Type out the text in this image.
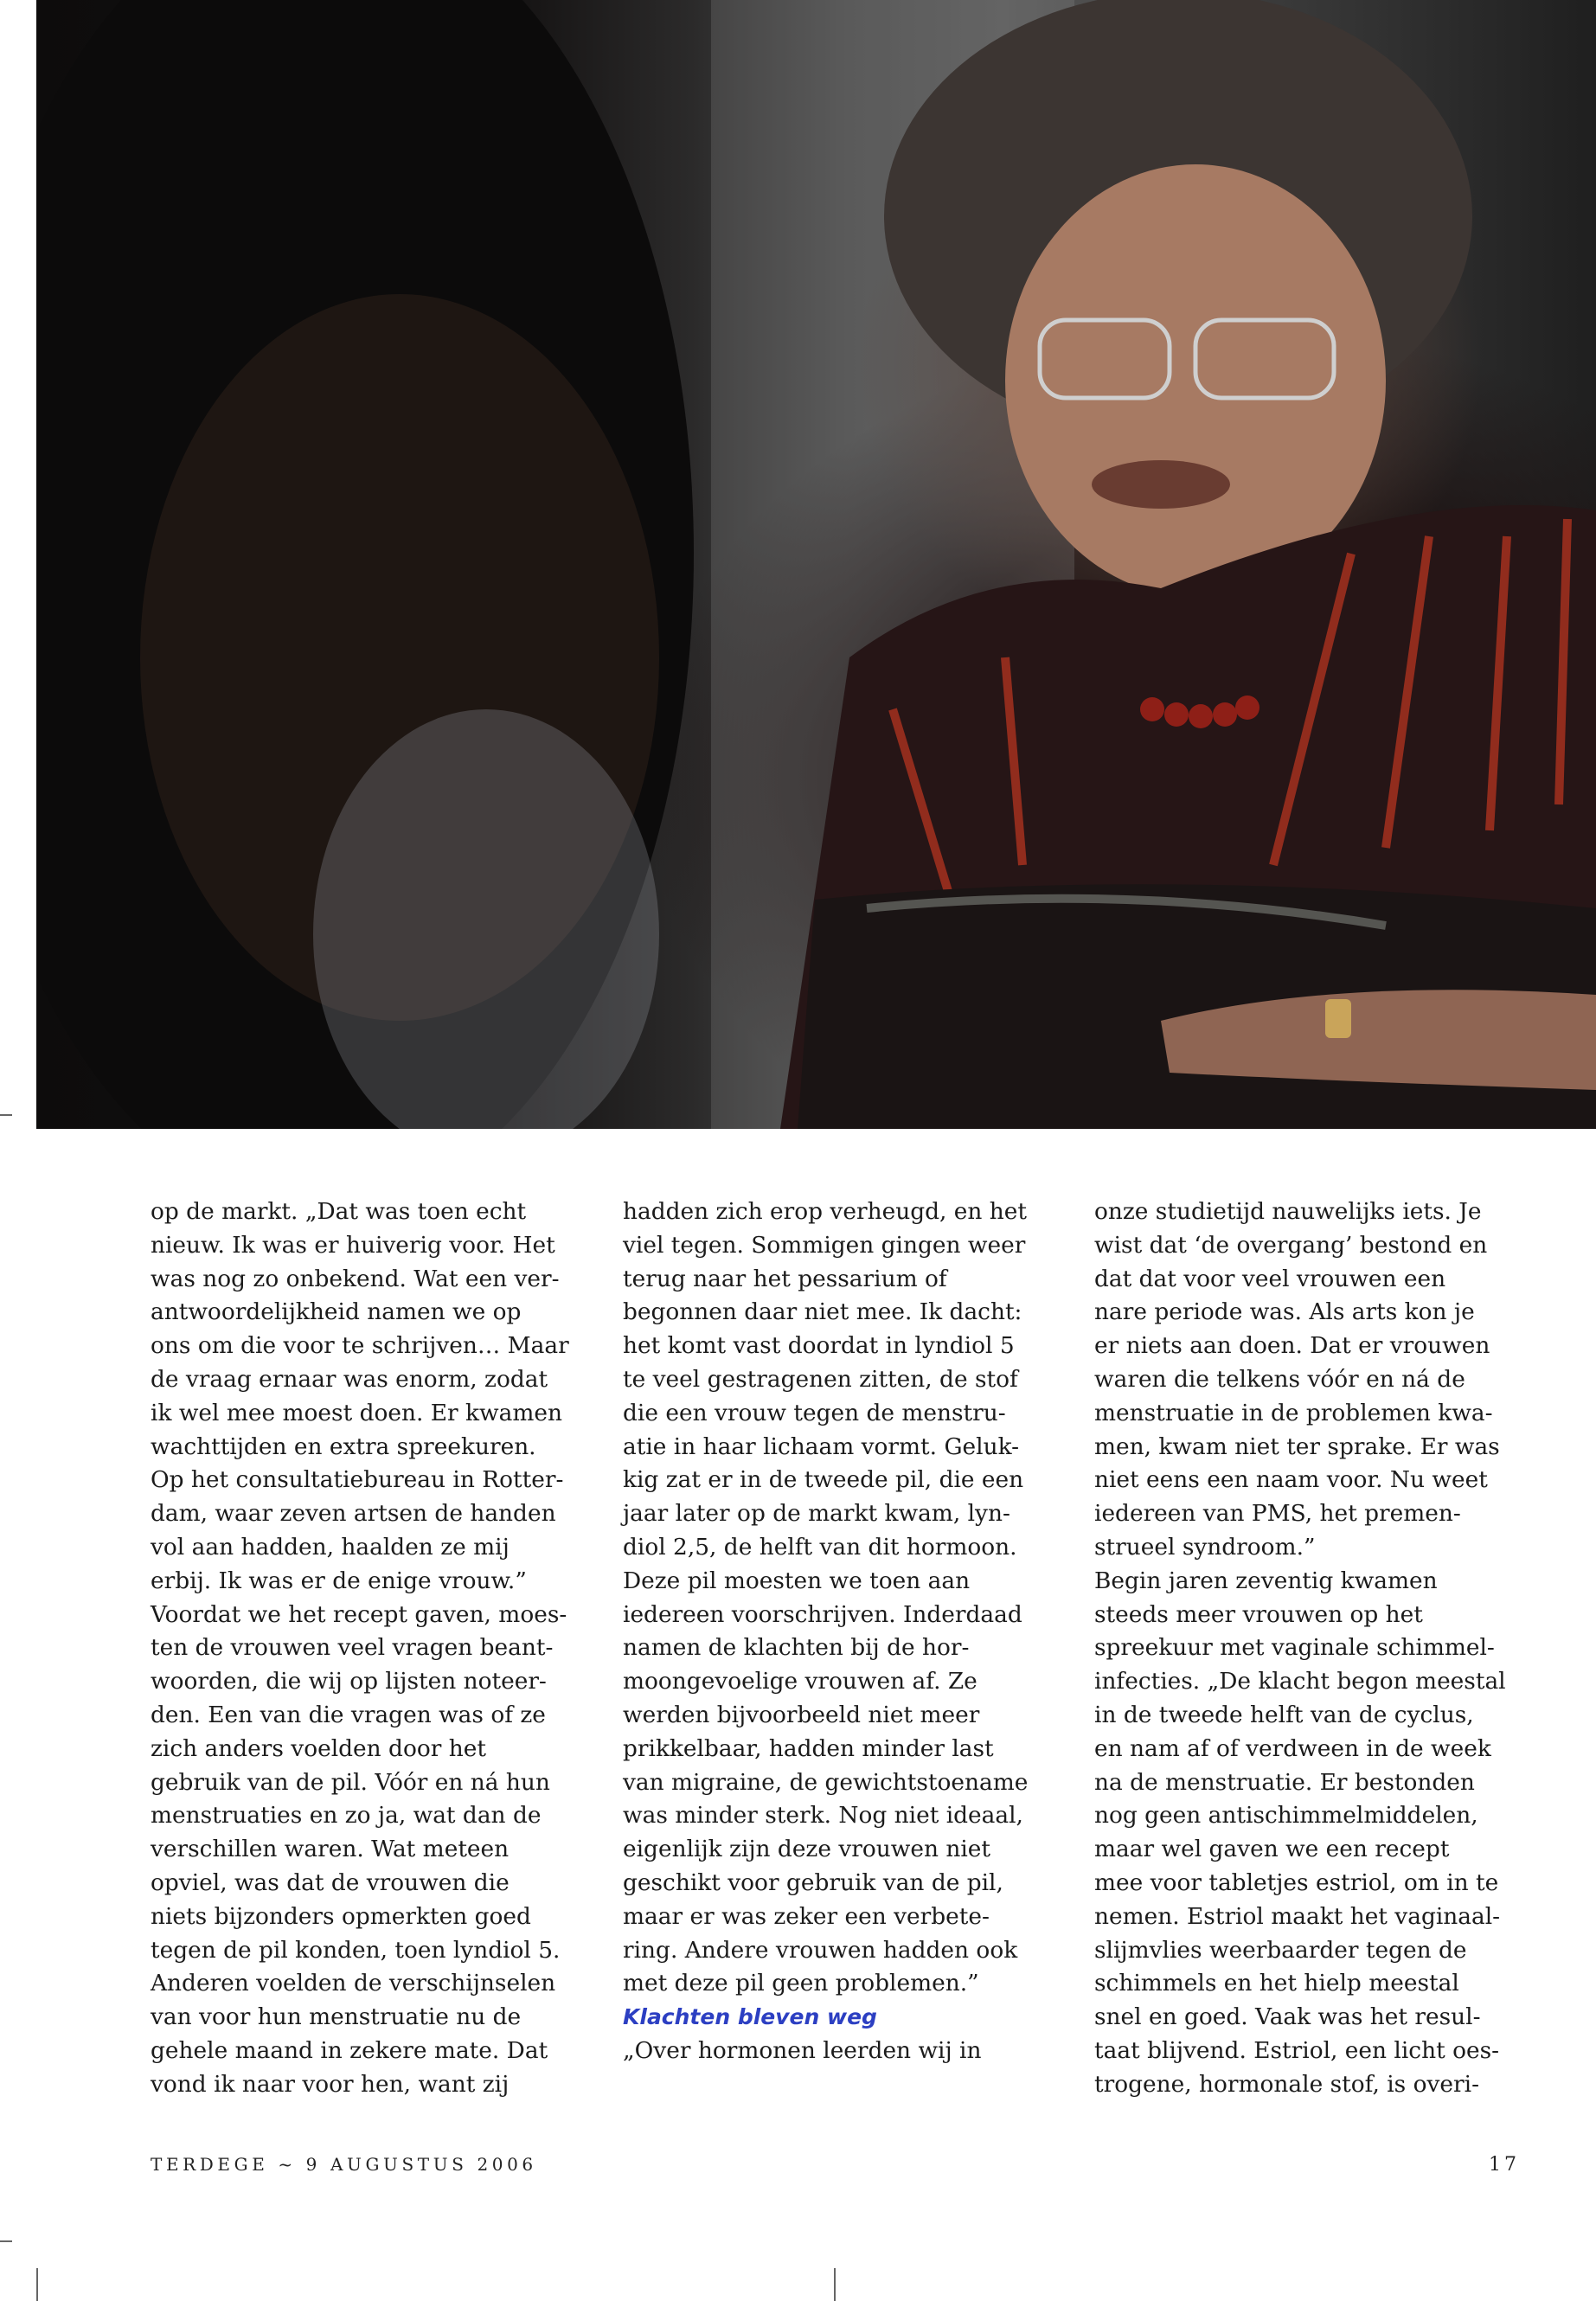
op de markt. „Dat was toen echt
nieuw. Ik was er huiverig voor. Het
was nog zo onbekend. Wat een ver-
antwoordelijkheid namen we op
ons om die voor te schrijven… Maar
de vraag ernaar was enorm, zodat
ik wel mee moest doen. Er kwamen
wachttijden en extra spreekuren.
Op het consultatiebureau in Rotter-
dam, waar zeven artsen de handen
vol aan hadden, haalden ze mij
erbij. Ik was er de enige vrouw.”
Voordat we het recept gaven, moes-
ten de vrouwen veel vragen beant-
woorden, die wij op lijsten noteer-
den. Een van die vragen was of ze
zich anders voelden door het
gebruik van de pil. Vóór en ná hun
menstruaties en zo ja, wat dan de
verschillen waren. Wat meteen
opviel, was dat de vrouwen die
niets bijzonders opmerkten goed
tegen de pil konden, toen lyndiol 5.
Anderen voelden de verschijnselen
van voor hun menstruatie nu de
gehele maand in zekere mate. Dat
vond ik naar voor hen, want zij

hadden zich erop verheugd, en het
viel tegen. Sommigen gingen weer
terug naar het pessarium of
begonnen daar niet mee. Ik dacht:
het komt vast doordat in lyndiol 5
te veel gestragenen zitten, de stof
die een vrouw tegen de menstru-
atie in haar lichaam vormt. Geluk-
kig zat er in de tweede pil, die een
jaar later op de markt kwam, lyn-
diol 2,5, de helft van dit hormoon.
Deze pil moesten we toen aan
iedereen voorschrijven. Inderdaad
namen de klachten bij de hor-
moongevoelige vrouwen af. Ze
werden bijvoorbeeld niet meer
prikkelbaar, hadden minder last
van migraine, de gewichtstoename
was minder sterk. Nog niet ideaal,
eigenlijk zijn deze vrouwen niet
geschikt voor gebruik van de pil,
maar er was zeker een verbete-
ring. Andere vrouwen hadden ook
met deze pil geen problemen.”

Klachten bleven weg

„Over hormonen leerden wij in

onze studietijd nauwelijks iets. Je
wist dat ‘de overgang’ bestond en
dat dat voor veel vrouwen een
nare periode was. Als arts kon je
er niets aan doen. Dat er vrouwen
waren die telkens vóór en ná de
menstruatie in de problemen kwa-
men, kwam niet ter sprake. Er was
niet eens een naam voor. Nu weet
iedereen van PMS, het premen-
strueel syndroom.”
Begin jaren zeventig kwamen
steeds meer vrouwen op het
spreekuur met vaginale schimmel-
infecties. „De klacht begon meestal
in de tweede helft van de cyclus,
en nam af of verdween in de week
na de menstruatie. Er bestonden
nog geen antischimmelmiddelen,
maar wel gaven we een recept
mee voor tabletjes estriol, om in te
nemen. Estriol maakt het vaginaal-
slijmvlies weerbaarder tegen de
schimmels en het hielp meestal
snel en goed. Vaak was het resul-
taat blijvend. Estriol, een licht oes-
trogene, hormonale stof, is overi-

TERDEGE ~ 9 AUGUSTUS 2006	17
